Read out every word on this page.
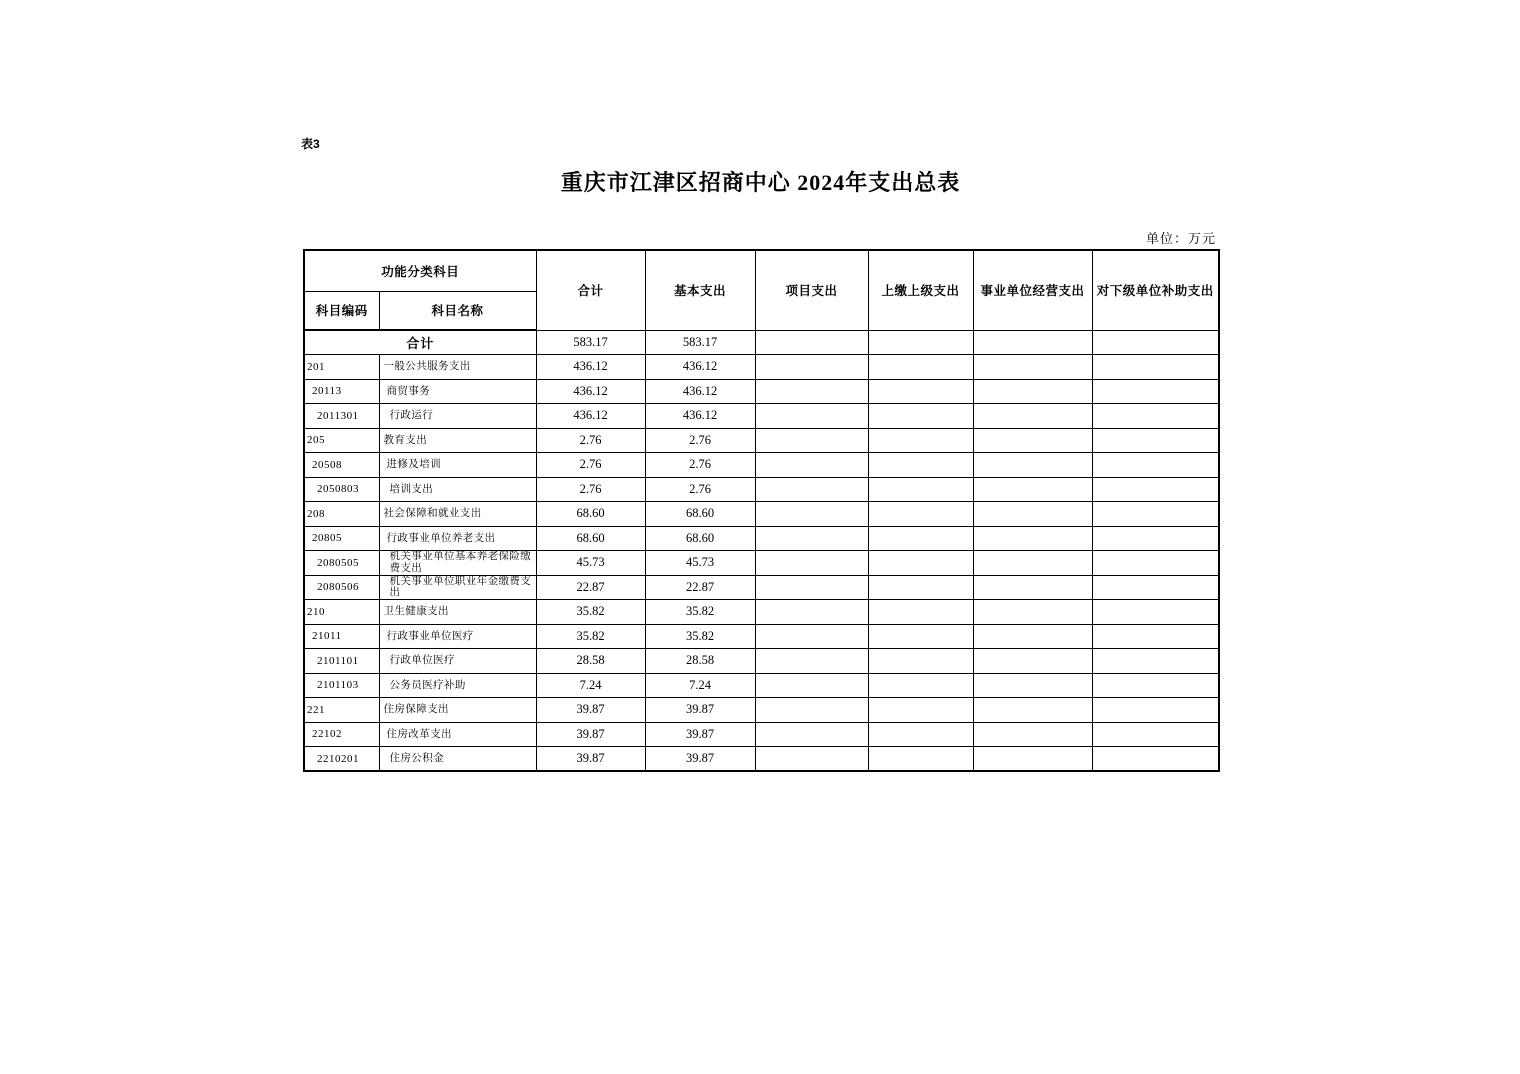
表3
重庆市江津区招商中心 2024年支出总表
单位：万元
功能分类科目		合计	基本支出	项目支出	上缴上级支出	事业单位经营支出	对下级单位补助支出
科目编码	科目名称						
合计		583.17	583.17				
201	一般公共服务支出	436.12	436.12				
20113	商贸事务	436.12	436.12				
2011301	行政运行	436.12	436.12				
205	教育支出	2.76	2.76				
20508	进修及培训	2.76	2.76				
2050803	培训支出	2.76	2.76				
208	社会保障和就业支出	68.60	68.60				
20805	行政事业单位养老支出	68.60	68.60				
2080505	机关事业单位基本养老保险缴费支出	45.73	45.73				
2080506	机关事业单位职业年金缴费支出	22.87	22.87				
210	卫生健康支出	35.82	35.82				
21011	行政事业单位医疗	35.82	35.82				
2101101	行政单位医疗	28.58	28.58				
2101103	公务员医疗补助	7.24	7.24				
221	住房保障支出	39.87	39.87				
22102	住房改革支出	39.87	39.87				
2210201	住房公积金	39.87	39.87				
